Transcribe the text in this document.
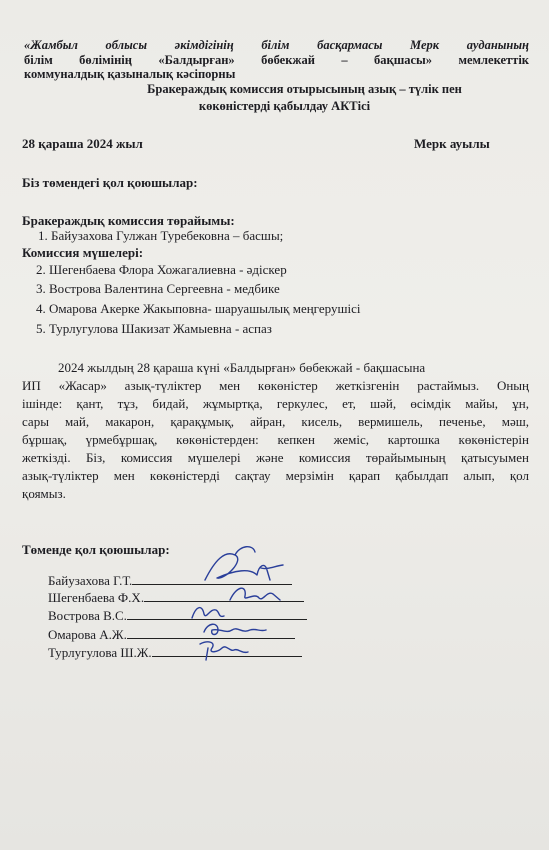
«Жамбыл облысы әкімдігінің білім басқармасы Мерк ауданының
білім бөлімінің «Балдырған» бөбекжай – бақшасы» мемлекеттік
коммуналдық қазыналық кәсіпорны
Бракераждық комиссия отырысының азық – түлік пен
көкөністерді қабылдау АКТісі
28 қараша 2024 жыл	Мерк ауылы
Біз төмендегі қол қоюшылар:
Бракераждық комиссия төрайымы:
1. Байузахова Гулжан Туребековна – басшы;
Комиссия мүшелері:
2. Шегенбаева Флора Хожагалиевна - әдіскер
3. Вострова Валентина Сергеевна - медбике
4. Омарова Акерке Жакыповна- шаруашылық меңгерушісі
5. Турлугулова Шакизат Жамыевна - аспаз
2024 жылдың 28 қараша күні «Балдырған» бөбекжай - бақшасына
ИП «Жасар» азық-түліктер мен көкөністер жеткізгенін растаймыз. Оның
ішінде: қант, тұз, бидай, жұмыртқа, геркулес, ет, шәй, өсімдік майы, ұн,
сары май, макарон, қарақұмық, айран, кисель, вермишель, печенье, мәш,
бұршақ, үрмебұршақ, көкөністерден: кепкен жеміс, картошка көкөністерін
жеткізді. Біз, комиссия мүшелері және комиссия төрайымының қатысуымен
азық-түліктер мен көкөністерді сақтау мерзімін қарап қабылдап алып, қол
қоямыз.
Төменде қол қоюшылар:
Байузахова Г.Т.
Шегенбаева Ф.Х.
Вострова В.С.
Омарова А.Ж.
Турлугулова Ш.Ж.
